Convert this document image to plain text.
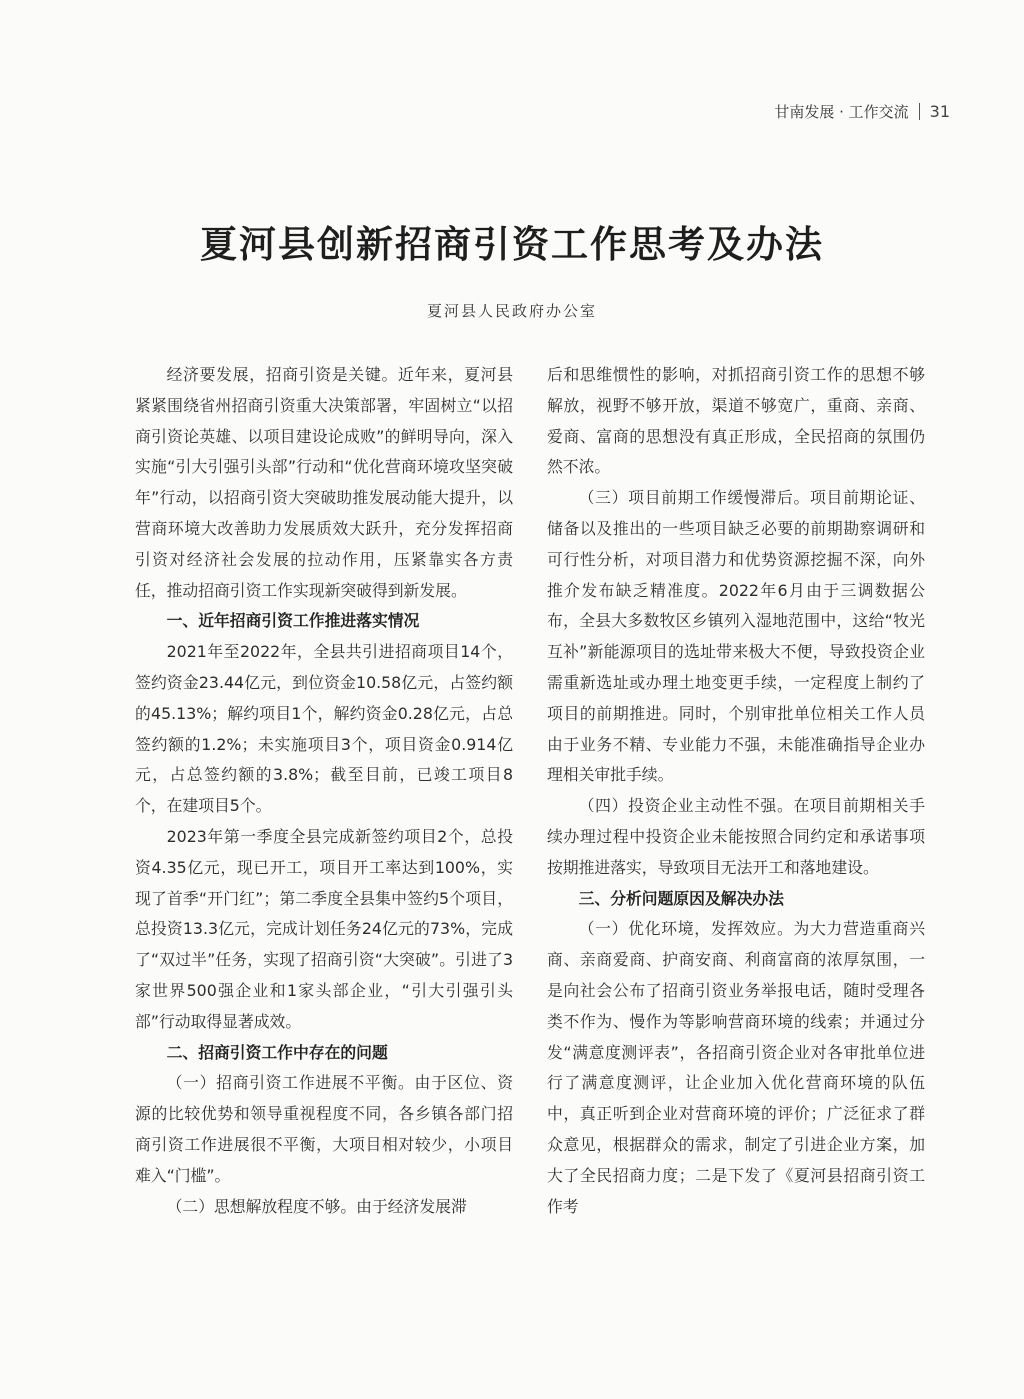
甘南发展 · 工作交流 31
夏河县创新招商引资工作思考及办法
夏河县人民政府办公室

经济要发展，招商引资是关键。近年来，夏河县紧紧围绕省州招商引资重大决策部署，牢固树立“以招商引资论英雄、以项目建设论成败”的鲜明导向，深入实施“引大引强引头部”行动和“优化营商环境攻坚突破年”行动，以招商引资大突破助推发展动能大提升，以营商环境大改善助力发展质效大跃升，充分发挥招商引资对经济社会发展的拉动作用，压紧靠实各方责任，推动招商引资工作实现新突破得到新发展。

一、近年招商引资工作推进落实情况

2021年至2022年，全县共引进招商项目14个，签约资金23.44亿元，到位资金10.58亿元，占签约额的45.13%；解约项目1个，解约资金0.28亿元，占总签约额的1.2%；未实施项目3个，项目资金0.914亿元，占总签约额的3.8%；截至目前，已竣工项目8个，在建项目5个。

2023年第一季度全县完成新签约项目2个，总投资4.35亿元，现已开工，项目开工率达到100%，实现了首季“开门红”；第二季度全县集中签约5个项目，总投资13.3亿元，完成计划任务24亿元的73%，完成了“双过半”任务，实现了招商引资“大突破”。引进了3家世界500强企业和1家头部企业，“引大引强引头部”行动取得显著成效。

二、招商引资工作中存在的问题

（一）招商引资工作进展不平衡。由于区位、资源的比较优势和领导重视程度不同，各乡镇各部门招商引资工作进展很不平衡，大项目相对较少，小项目难入“门槛”。

（二）思想解放程度不够。由于经济发展滞

后和思维惯性的影响，对抓招商引资工作的思想不够解放，视野不够开放，渠道不够宽广，重商、亲商、爱商、富商的思想没有真正形成，全民招商的氛围仍然不浓。

（三）项目前期工作缓慢滞后。项目前期论证、储备以及推出的一些项目缺乏必要的前期勘察调研和可行性分析，对项目潜力和优势资源挖掘不深，向外推介发布缺乏精准度。2022年6月由于三调数据公布，全县大多数牧区乡镇列入湿地范围中，这给“牧光互补”新能源项目的选址带来极大不便，导致投资企业需重新选址或办理土地变更手续，一定程度上制约了项目的前期推进。同时，个别审批单位相关工作人员由于业务不精、专业能力不强，未能准确指导企业办理相关审批手续。

（四）投资企业主动性不强。在项目前期相关手续办理过程中投资企业未能按照合同约定和承诺事项按期推进落实，导致项目无法开工和落地建设。

三、分析问题原因及解决办法

（一）优化环境，发挥效应。为大力营造重商兴商、亲商爱商、护商安商、利商富商的浓厚氛围，一是向社会公布了招商引资业务举报电话，随时受理各类不作为、慢作为等影响营商环境的线索；并通过分发“满意度测评表”，各招商引资企业对各审批单位进行了满意度测评，让企业加入优化营商环境的队伍中，真正听到企业对营商环境的评价；广泛征求了群众意见，根据群众的需求，制定了引进企业方案，加大了全民招商力度；二是下发了《夏河县招商引资工作考
